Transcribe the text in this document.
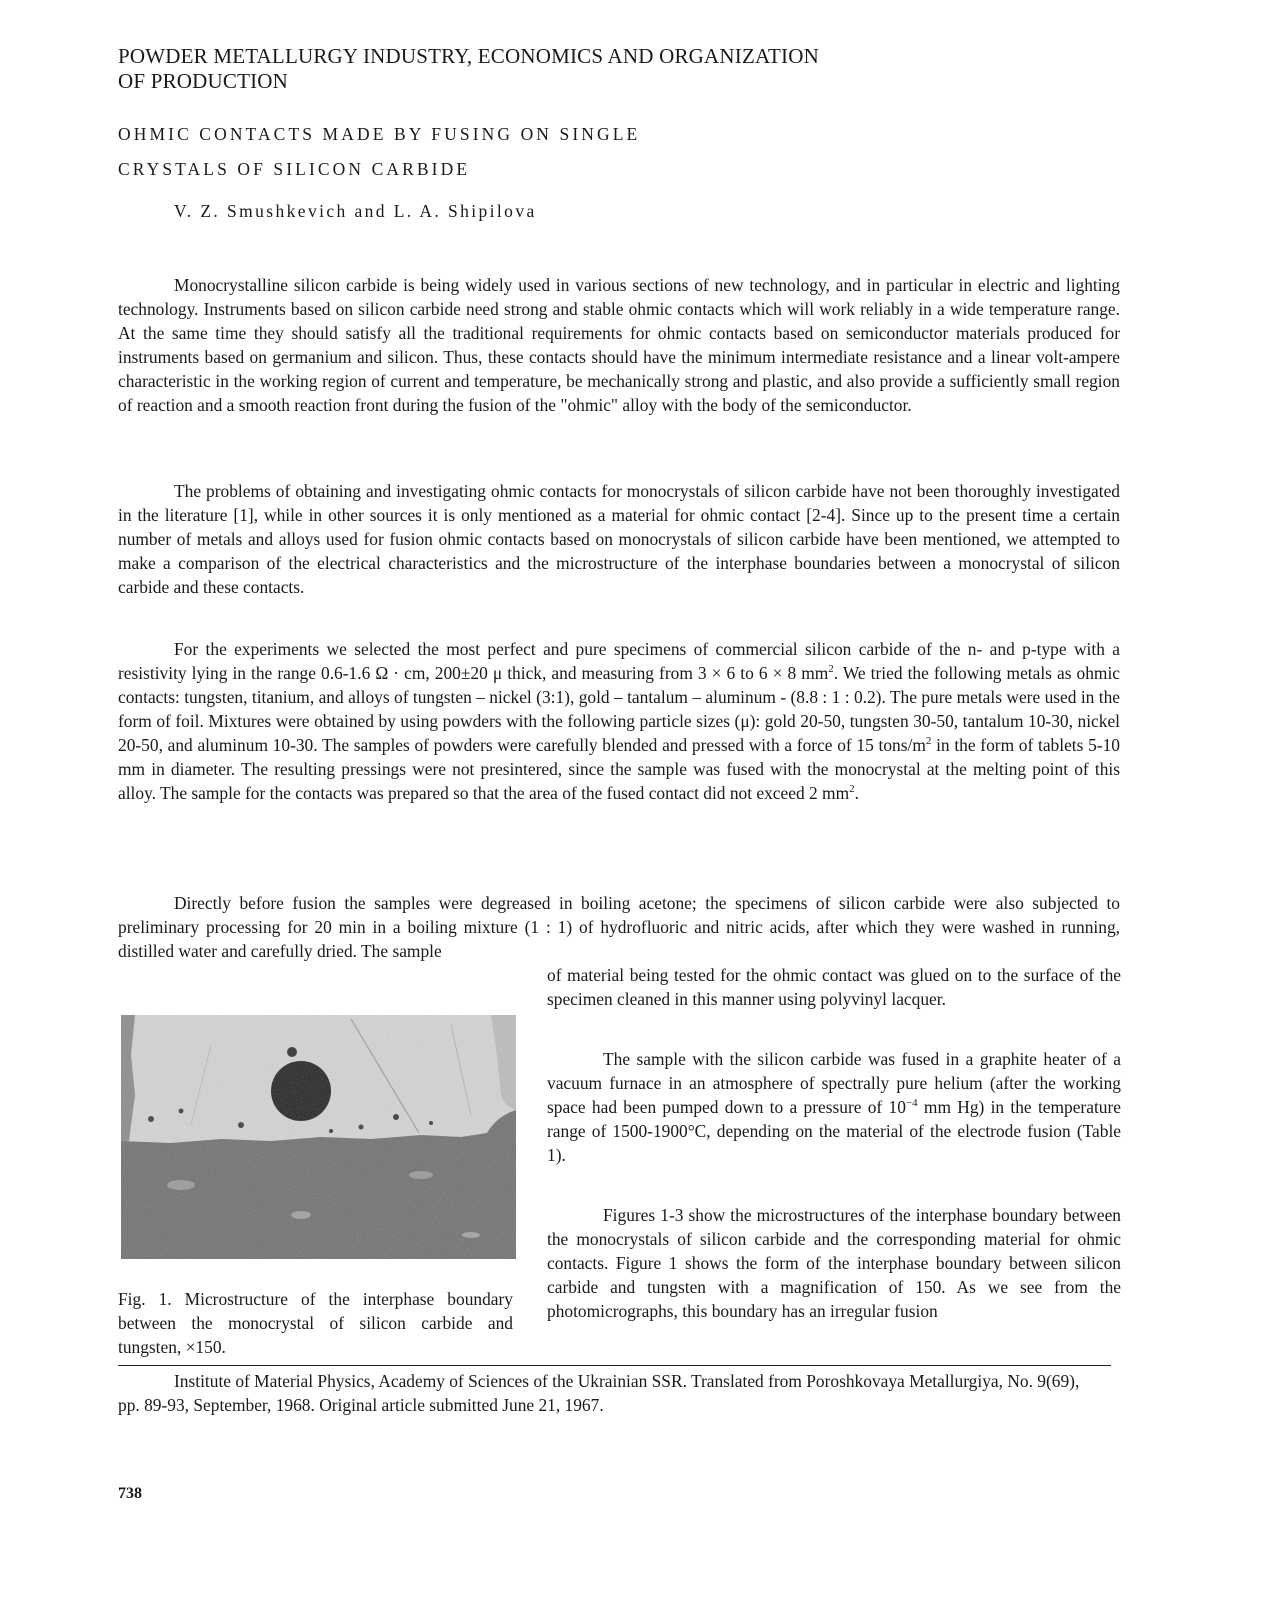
POWDER METALLURGY INDUSTRY, ECONOMICS AND ORGANIZATION
OF PRODUCTION
OHMIC CONTACTS MADE BY FUSING ON SINGLE
CRYSTALS OF SILICON CARBIDE
V. Z. Smushkevich and L. A. Shipilova

Monocrystalline silicon carbide is being widely used in various sections of new technology, and in particular in electric and lighting technology. Instruments based on silicon carbide need strong and stable ohmic contacts which will work reliably in a wide temperature range. At the same time they should satisfy all the traditional requirements for ohmic contacts based on semiconductor materials produced for instruments based on germanium and silicon. Thus, these contacts should have the minimum intermediate resistance and a linear volt-ampere characteristic in the working region of current and temperature, be mechanically strong and plastic, and also provide a sufficiently small region of reaction and a smooth reaction front during the fusion of the "ohmic" alloy with the body of the semiconductor.

The problems of obtaining and investigating ohmic contacts for monocrystals of silicon carbide have not been thoroughly investigated in the literature [1], while in other sources it is only mentioned as a material for ohmic contact [2-4]. Since up to the present time a certain number of metals and alloys used for fusion ohmic contacts based on monocrystals of silicon carbide have been mentioned, we attempted to make a comparison of the electrical characteristics and the microstructure of the interphase boundaries between a monocrystal of silicon carbide and these contacts.

For the experiments we selected the most perfect and pure specimens of commercial silicon carbide of the n- and p-type with a resistivity lying in the range 0.6-1.6 Ω · cm, 200±20 μ thick, and measuring from 3 × 6 to 6 × 8 $mm^2$. We tried the following metals as ohmic contacts: tungsten, titanium, and alloys of tungsten – nickel (3:1), gold – tantalum – aluminum - (8.8 : 1 : 0.2). The pure metals were used in the form of foil. Mixtures were obtained by using powders with the following particle sizes (μ): gold 20-50, tungsten 30-50, tantalum 10-30, nickel 20-50, and aluminum 10-30. The samples of powders were carefully blended and pressed with a force of 15 tons/$m^2$ in the form of tablets 5-10 mm in diameter. The resulting pressings were not presintered, since the sample was fused with the monocrystal at the melting point of this alloy. The sample for the contacts was prepared so that the area of the fused contact did not exceed 2 $mm^2$.

Directly before fusion the samples were degreased in boiling acetone; the specimens of silicon carbide were also subjected to preliminary processing for 20 min in a boiling mixture (1 : 1) of hydrofluoric and nitric acids, after which they were washed in running, distilled water and carefully dried. The sample

of material being tested for the ohmic contact was glued on to the surface of the specimen cleaned in this manner using polyvinyl lacquer.

The sample with the silicon carbide was fused in a graphite heater of a vacuum furnace in an atmosphere of spectrally pure helium (after the working space had been pumped down to a pressure of $10^{-4}$ mm Hg) in the temperature range of 1500-1900°C, depending on the material of the electrode fusion (Table 1).

Figures 1-3 show the microstructures of the interphase boundary between the monocrystals of silicon carbide and the corresponding material for ohmic contacts. Figure 1 shows the form of the interphase boundary between silicon carbide and tungsten with a magnification of 150. As we see from the photomicrographs, this boundary has an irregular fusion

Fig. 1. Microstructure of the interphase boundary between the monocrystal of silicon carbide and tungsten, ×150.

Institute of Material Physics, Academy of Sciences of the Ukrainian SSR. Translated from Poroshkovaya Metallurgiya, No. 9(69), pp. 89-93, September, 1968. Original article submitted June 21, 1967.

738
